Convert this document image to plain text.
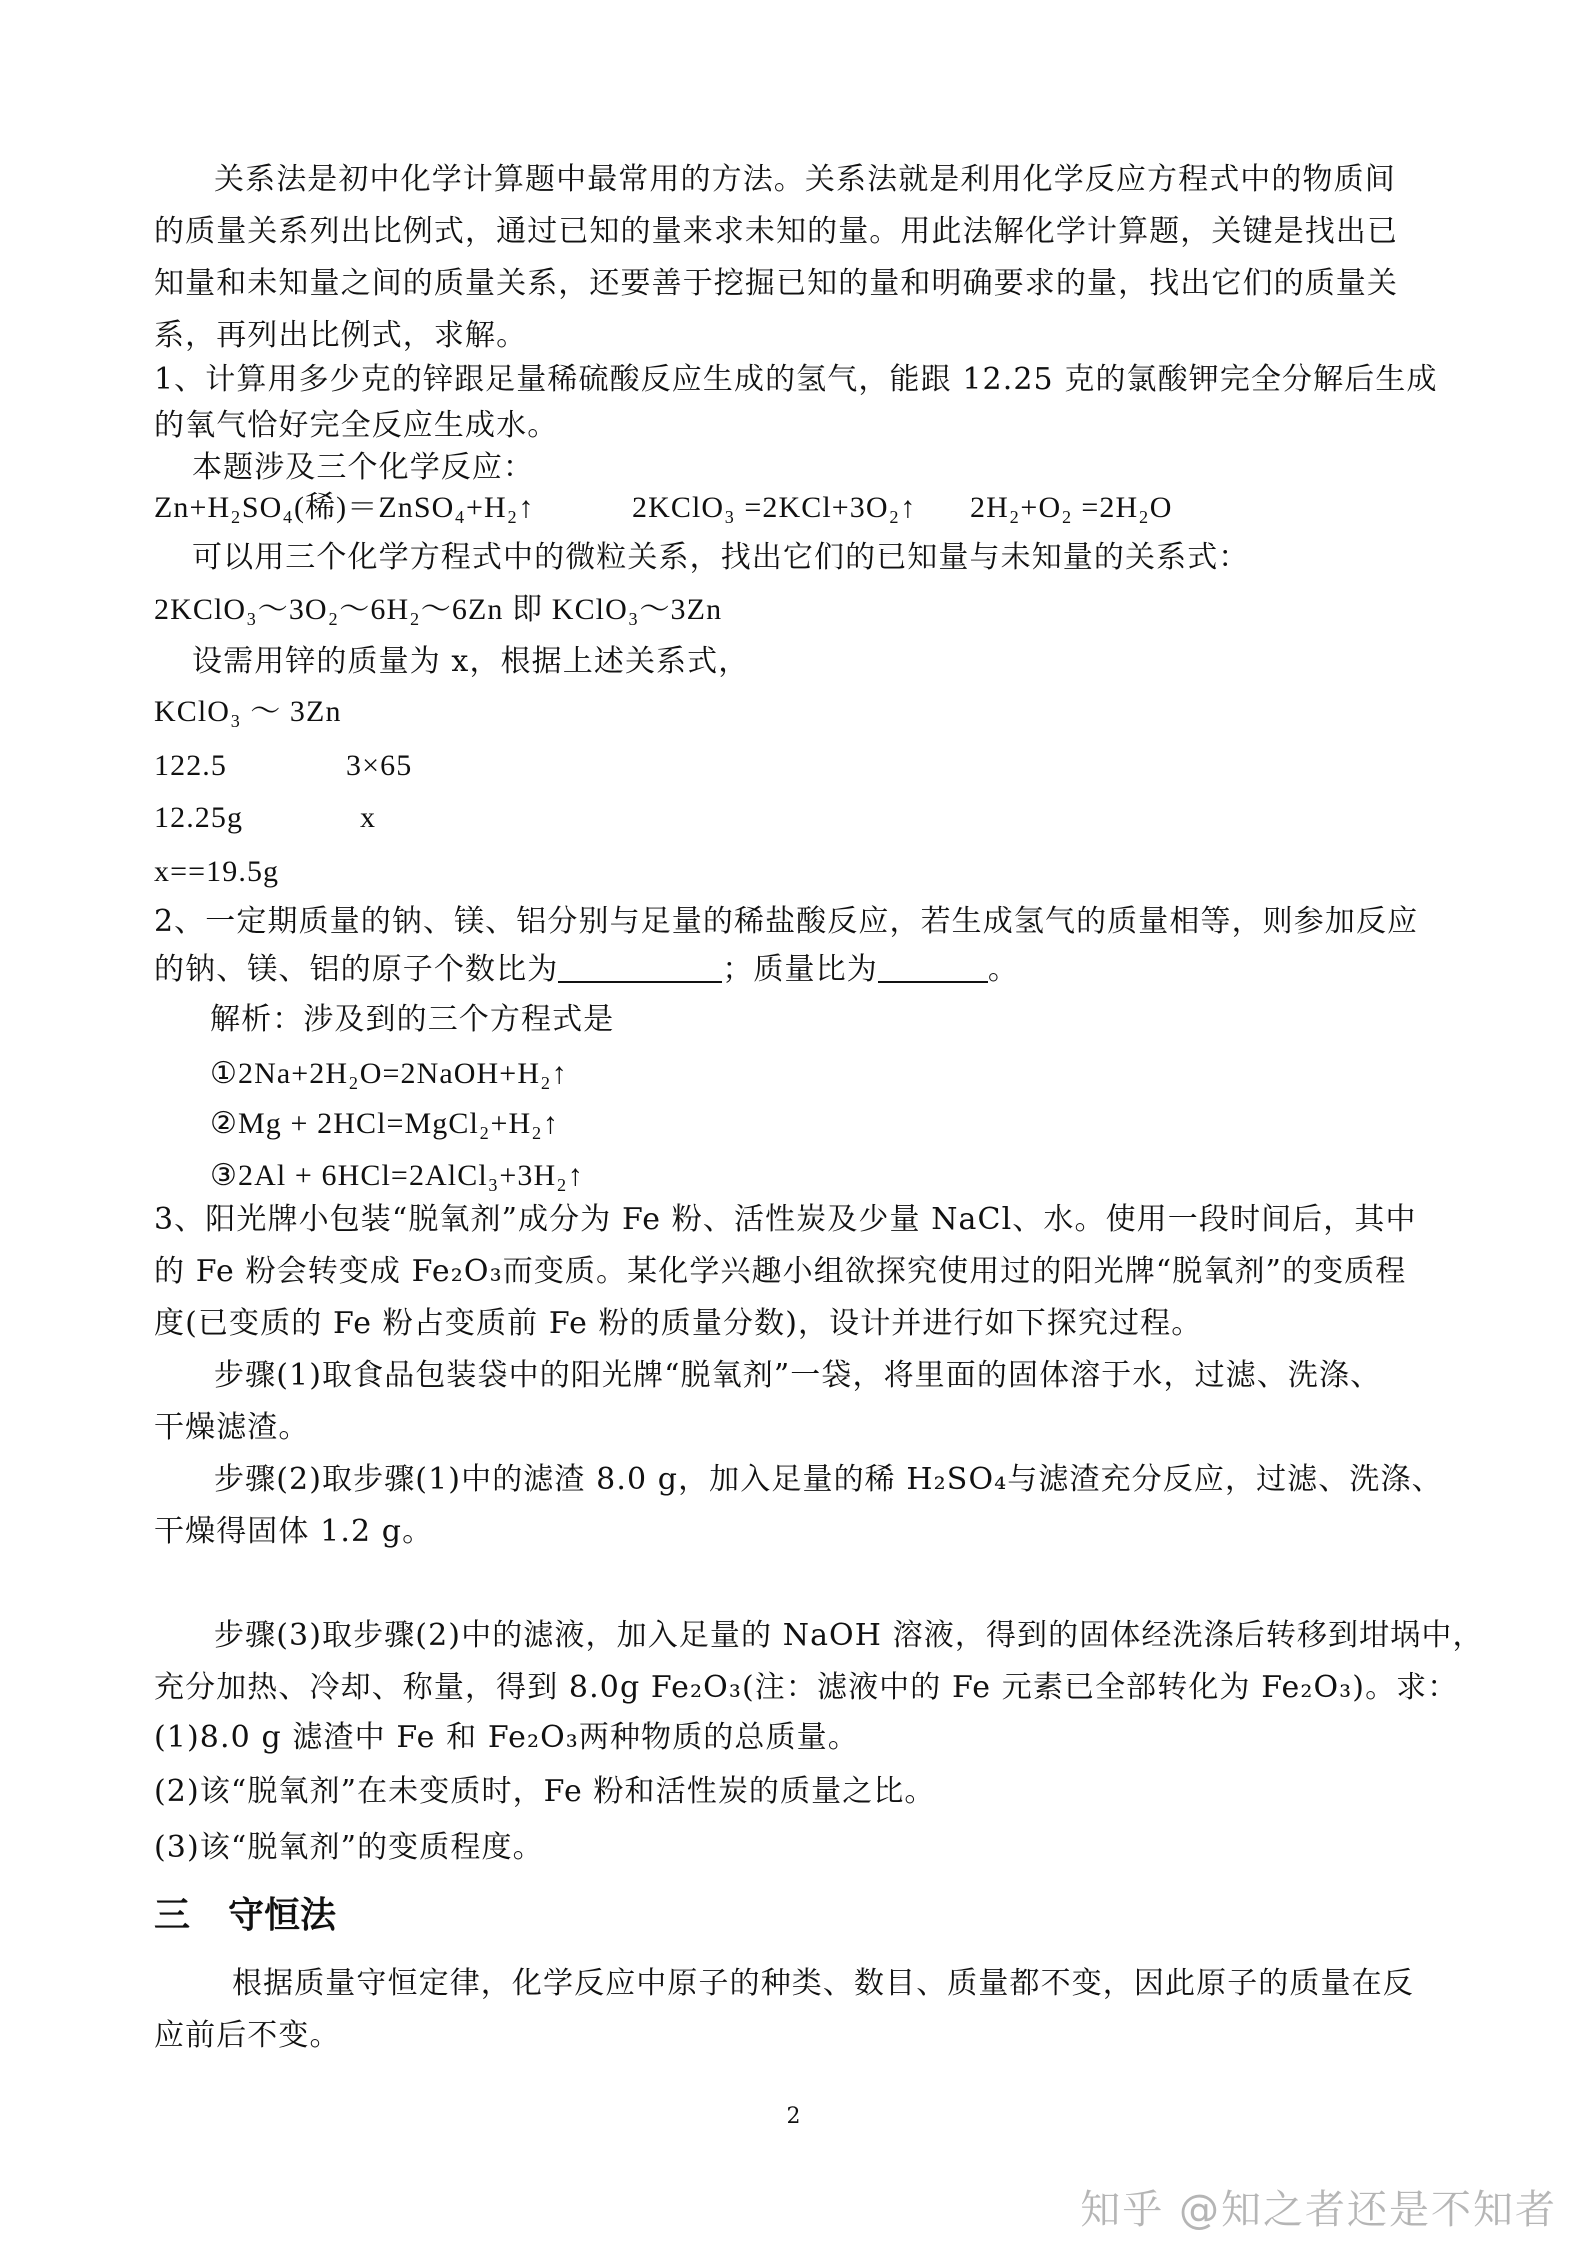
关系法是初中化学计算题中最常用的方法。关系法就是利用化学反应方程式中的物质间
的质量关系列出比例式，通过已知的量来求未知的量。用此法解化学计算题，关键是找出已
知量和未知量之间的质量关系，还要善于挖掘已知的量和明确要求的量，找出它们的质量关
系，再列出比例式，求解。
1、计算用多少克的锌跟足量稀硫酸反应生成的氢气，能跟 12.25 克的氯酸钾完全分解后生成
的氧气恰好完全反应生成水。
本题涉及三个化学反应：
Zn+H₂SO₄(稀)＝ZnSO₄+H₂↑	2KClO₃ =2KCl+3O₂↑ 2H₂+O₂ =2H₂O
可以用三个化学方程式中的微粒关系，找出它们的已知量与未知量的关系式：
2KClO₃～3O₂～6H₂～6Zn 即 KClO₃～3Zn
设需用锌的质量为 x，根据上述关系式，
KClO₃ ～ 3Zn
122.5	3×65
12.25g	x
x==19.5g
2、一定期质量的钠、镁、铝分别与足量的稀盐酸反应，若生成氢气的质量相等，则参加反应
的钠、镁、铝的原子个数比为	；质量比为	。
解析：涉及到的三个方程式是
①2Na+2H₂O=2NaOH+H₂↑
②Mg + 2HCl=MgCl₂+H₂↑
③2Al + 6HCl=2AlCl₃+3H₂↑
3、阳光牌小包装“脱氧剂”成分为 Fe 粉、活性炭及少量 NaCl、水。使用一段时间后，其中
的 Fe 粉会转变成 Fe₂O₃而变质。某化学兴趣小组欲探究使用过的阳光牌“脱氧剂”的变质程
度(已变质的 Fe 粉占变质前 Fe 粉的质量分数)，设计并进行如下探究过程。
步骤(1)取食品包装袋中的阳光牌“脱氧剂”一袋，将里面的固体溶于水，过滤、洗涤、
干燥滤渣。
步骤(2)取步骤(1)中的滤渣 8.0 g，加入足量的稀 H₂SO₄与滤渣充分反应，过滤、洗涤、
干燥得固体 1.2 g。
步骤(3)取步骤(2)中的滤液，加入足量的 NaOH 溶液，得到的固体经洗涤后转移到坩埚中，
充分加热、冷却、称量，得到 8.0g Fe₂O₃(注：滤液中的 Fe 元素已全部转化为 Fe₂O₃)。求：
(1)8.0 g 滤渣中 Fe 和 Fe₂O₃两种物质的总质量。
(2)该“脱氧剂”在未变质时，Fe 粉和活性炭的质量之比。
(3)该“脱氧剂”的变质程度。
三 守恒法
根据质量守恒定律，化学反应中原子的种类、数目、质量都不变，因此原子的质量在反
应前后不变。
2
知乎 @知之者还是不知者
